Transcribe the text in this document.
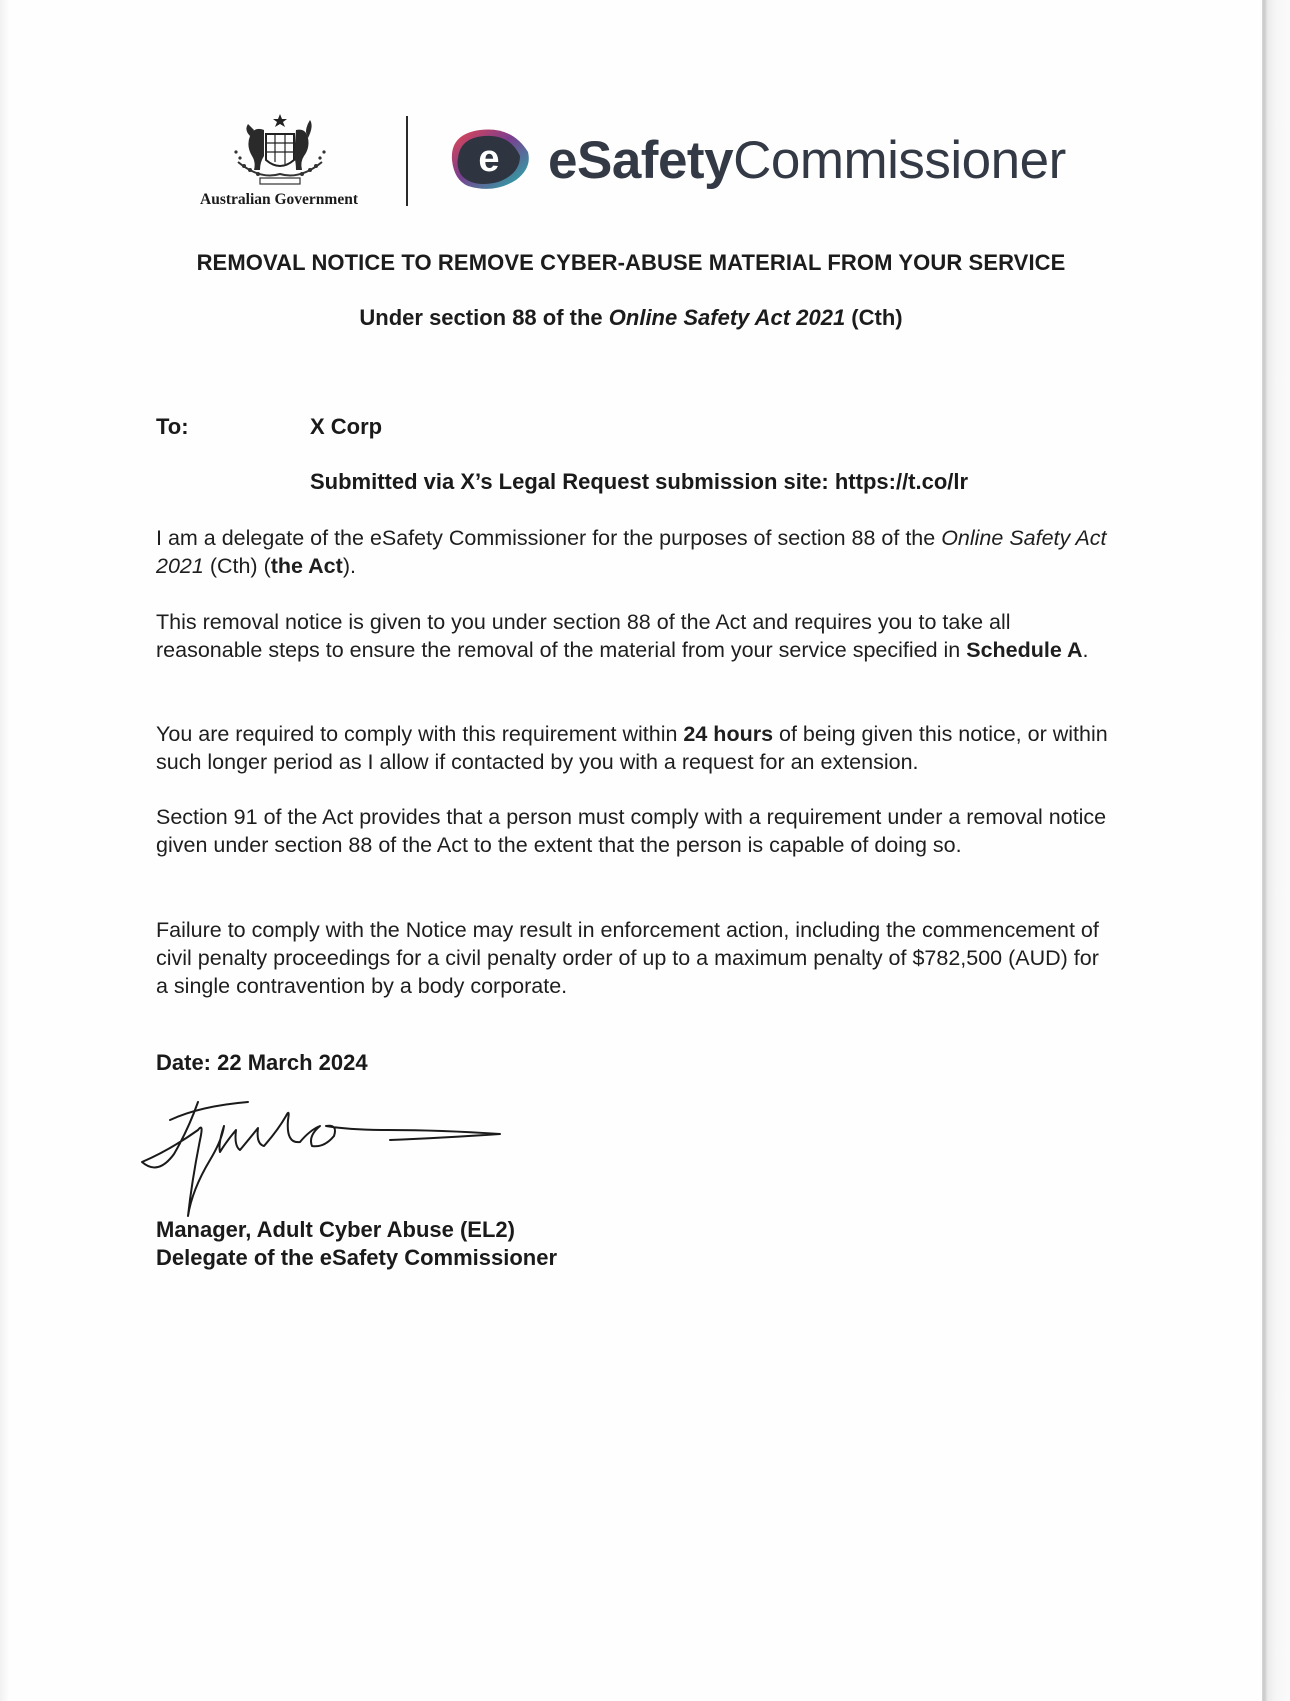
Australian Government
e eSafetyCommissioner
REMOVAL NOTICE TO REMOVE CYBER-ABUSE MATERIAL FROM YOUR SERVICE
Under section 88 of the Online Safety Act 2021 (Cth)
To:	X Corp
Submitted via X’s Legal Request submission site: https://t.co/lr
I am a delegate of the eSafety Commissioner for the purposes of section 88 of the Online Safety Act 2021 (Cth) (the Act).
This removal notice is given to you under section 88 of the Act and requires you to take all reasonable steps to ensure the removal of the material from your service specified in Schedule A.
You are required to comply with this requirement within 24 hours of being given this notice, or within such longer period as I allow if contacted by you with a request for an extension.
Section 91 of the Act provides that a person must comply with a requirement under a removal notice given under section 88 of the Act to the extent that the person is capable of doing so.
Failure to comply with the Notice may result in enforcement action, including the commencement of civil penalty proceedings for a civil penalty order of up to a maximum penalty of $782,500 (AUD) for a single contravention by a body corporate.
Date: 22 March 2024
Manager, Adult Cyber Abuse (EL2)
Delegate of the eSafety Commissioner
